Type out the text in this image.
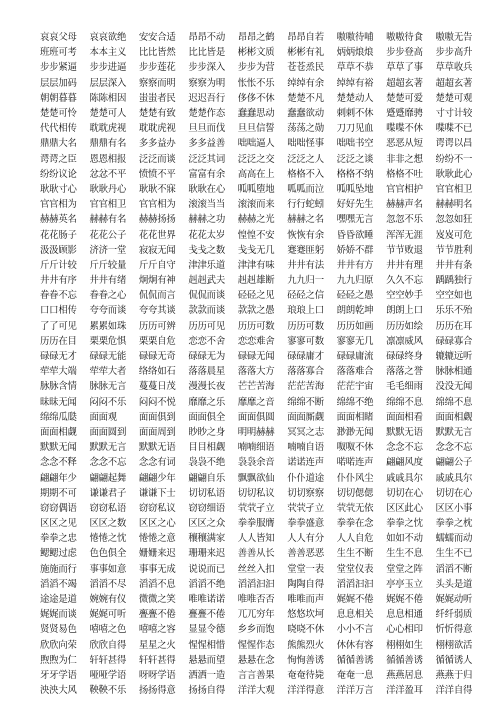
哀哀父母	哀哀欲绝	安安合适	昂昂不动	昂昂之鹤	昂昂自若	嗷嗷待哺	嗷嗷待食	嗷嗷无告
班班可考	本本主义	比比皆然	比比皆是	彬彬文质	彬彬有礼	炳炳烺烺	步步登高	步步高升
步步紧逼	步步进逼	步步莲花	步步深入	步步为营	苍苍烝民	草草不恭	草草了事	草草收兵
层层加码	层层深入	察察而明	察察为明	怅怅不乐	绰绰有余	绰绰有裕	超超玄著	超超玄著
朝朝暮暮	陈陈相因	蚩蚩者民	迟迟吾行	侈侈不休	楚楚不凡	楚楚动人	楚楚可爱	楚楚可观
楚楚可怜	楚楚可人	楚楚有致	楚楚作态	蠢蠢思动	蠢蠢欲动	刺刺不休	蹙蹙靡骋	寸寸计较
代代相传	耽耽虎视	耽耽虎视	旦旦而伐	旦旦信誓	荡荡之勋	刀刀见血	喋喋不休	喋喋不已
鼎鼎大名	鼎鼎有名	多多益办	多多益善	咄咄逼人	咄咄怪事	咄咄书空	恶恶从短	谔谔以昌
谔谔之臣	恩恩相报	泛泛而谈	泛泛其词	泛泛之交	泛泛之人	泛泛之谈	非非之想	纷纷不一
纷纷议论	忿忿不平	愤愤不平	富富有余	高高在上	格格不入	格格不纳	格格不吐	耿耿此心
耿耿寸心	耿耿丹心	耿耿不寐	耿耿在心	呱呱堕地	呱呱而泣	呱呱坠地	官官相护	官官相卫
官官相为	官官相卫	官官相为	滚滚当当	滚滚而来	行行蛇蚓	好好先生	赫赫声名	赫赫明名
赫赫英名	赫赫有名	赫赫扬扬	赫赫之功	赫赫之光	赫赫之名	嘿嘿无言	忽忽不乐	忽忽如狂
花花肠子	花花公子	花花世界	花花太岁	惶惶不安	恢恢有余	昏昏欲睡	浑浑无涯	岌岌可危
汲汲顾影	济济一堂	寂寂无闻	戋戋之数	戋戋无几	蹇蹇匪躬	娇娇不群	节节败退	节节胜利
斤斤计较	斤斤较量	斤斤自守	津津乐道	津津有味	井井有法	井井有方	井井有理	井井有条
井井有序	井井有绪	炯炯有神	赳赳武夫	赳赳雄断	九九归一	九九归原	久久不忘	踽踽独行
眷眷不忘	眷眷之心	侃侃而言	侃侃而谈	硁硁之见	硁硁之信	硁硁之愚	空空妙手	空空如也
口口相传	夸夸而谈	夸夸其谈	款款而谈	款款之愚	琅琅上口	朗朗乾坤	朗朗上口	乐乐不殆
了了可见	累累如珠	历历可辨	历历可见	历历可数	历历可数	历历如画	历历如绘	历历在耳
历历在目	栗栗危惧	栗栗自危	恋恋不舍	恋恋难舍	寥寥可数	寥寥无几	凛凛威风	碌碌寡合
碌碌无才	碌碌无能	碌碌无奇	碌碌无为	碌碌无闻	碌碌庸才	碌碌庸流	碌碌终身	辘辘远听
荦荦大端	荦荦大者	络络如石	落落晨星	落落大方	落落寡合	落落难合	落落之誉	脉脉相通
脉脉含情	脉脉无言	蔓蔓日茂	漫漫长夜	芒芒苦海	茫茫苦海	茫茫宇宙	毛毛细雨	没没无闻
昧昧无闻	闷闷不乐	闷闷不悦	靡靡之乐	靡靡之音	绵绵不断	绵绵不绝	绵绵不息	绵绵不息
绵绵瓜瓞	面面观	面面俱到	面面俱全	面面俱圆	面面厮觑	面面相睹	面面相看	面面相觑
面面相觑	面面圆到	面面周到	眇眇之身	明明赫赫	冥冥之志	渺渺无闻	默默无语	默默无言
默默无闻	默默无言	默默无语	目目相觑	喃喃细语	喃喃自语	呶呶不休	念念不忘	念念不忘
念念不释	念念不忘	念念有词	袅袅不绝	袅袅余音	诺诺连声	喏喏连声	翩翩风度	翩翩公子
翩翩年少	翩翩起舞	翩翩少年	翩翩自乐	飘飘欲仙	仆仆道途	仆仆风尘	戚戚具尔	戚戚具尔
期期不可	谦谦君子	谦谦下士	切切私语	切切私议	切切察察	切切偲偲	切切在心	切切在心
窃窃偶语	窃窃私语	窃窃私议	窃窃细语	茕茕孑立	茕茕孑立	茕茕无依	区区此心	区区小事
区区之见	区区之数	区区之心	区区之众	拳拳服膺	拳拳盛意	拳拳在念	拳拳之忱	拳拳之枕
拳拳之忠	惓惓之忱	惓惓之意	穰穰满家	人人皆知	人人有分	人人自危	如如不动	蠕蠕而动
鳃鳃过虑	色色俱全	姗姗来迟	珊珊来迟	善善从长	善善恶恶	生生不断	生生不息	生生不已
施施而行	事事如意	事事无成	说说而已	丝丝入扣	堂堂一表	堂堂仪表	堂堂之阵	滔滔不断
滔滔不竭	滔滔不尽	滔滔不息	滔滔不绝	滔滔汩汩	陶陶自得	滔滔汩汩	亭亭玉立	头头是道
途途是道	婉婉有仪	微微之笑	唯唯诺诺	唯唯否否	唯唯而声	娓娓不倦	娓娓不倦	娓娓动听
娓娓而谈	娓娓可听	亹亹不倦	亹亹不倦	兀兀穷年	悠悠坎坷	息息相关	息息相通	纤纤弱质
贤贤易色	嘻嘻之色	嘻嘻之容	显显令德	乡乡而饱	哓哓不休	小小不言	心心相印	忻忻得意
欣欣向荣	欣欣自得	星星之火	惺惺相惜	惺惺作态	熊熊烈火	休休有容	栩栩如生	栩栩欲活
煦煦为仁	轩轩甚得	轩轩甚得	悬悬而望	悬悬在念	恂恂善诱	循循善诱	循循善诱	循循诱人
牙牙学语	哑哑学语	呀呀学语	洒洒一造	言言善果	奄奄待毙	奄奄一息	燕燕居息	燕燕于归
泱泱大风	鞅鞅不乐	扬扬得意	扬扬自得	洋洋大观	洋洋得意	洋洋万言	洋洋盈耳	洋洋自得
